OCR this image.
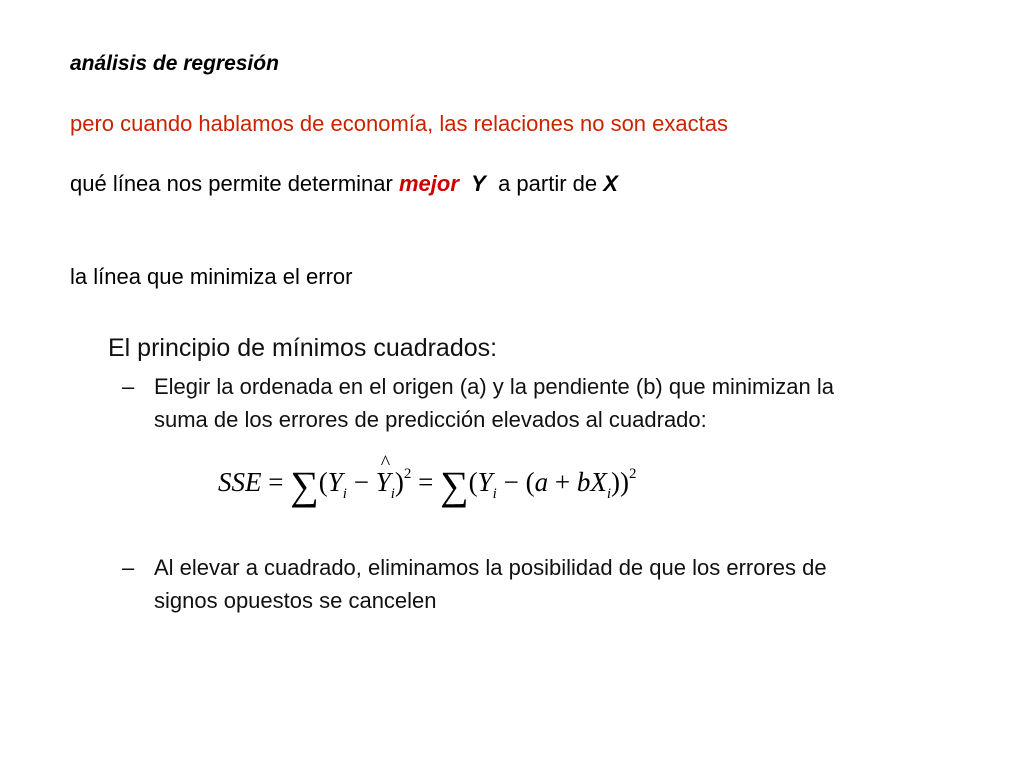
análisis de regresión
pero cuando hablamos de economía, las relaciones no son exactas
qué línea nos permite determinar mejor Y a partir de X
la línea que minimiza el error
El principio de mínimos cuadrados:
– Elegir la ordenada en el origen (a) y la pendiente (b) que minimizan la
suma de los errores de predicción elevados al cuadrado:
SSE = $\sum(Y_i$ − ^ $Y_i)^2 = \sum(Y_i - (a + bX_i))^2$
– Al elevar a cuadrado, eliminamos la posibilidad de que los errores de
signos opuestos se cancelen
